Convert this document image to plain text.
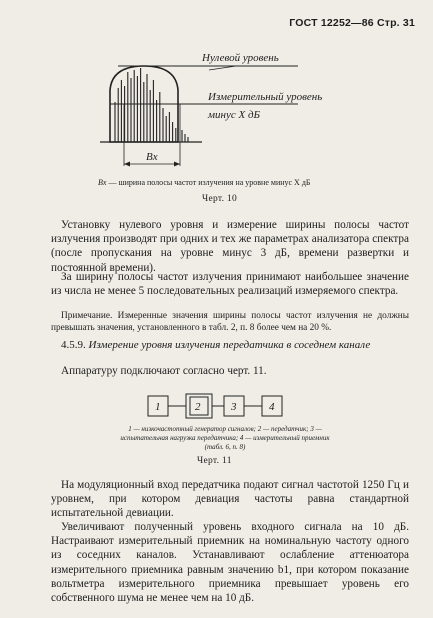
ГОСТ 12252—86 Стр. 31
Bx
Нулевой уровень
Измерительный уровень
минус X дБ
Bx — ширина полосы частот излучения на уровне минус X дБ
Черт. 10
Установку нулевого уровня и измерение ширины полосы частот излучения производят при одних и тех же параметрах анализатора спектра (после пропускания на уровне минус 3 дБ, времени развертки и постоянной времени).
За ширину полосы частот излучения принимают наибольшее значение из числа не менее 5 последовательных реализаций измеряемого спектра.
Примечание. Измеренные значения ширины полосы частот излучения не должны превышать значения, установленного в табл. 2, п. 8 более чем на 20 %.
4.5.9. Измерение уровня излучения передатчика в соседнем канале
Аппаратуру подключают согласно черт. 11.
1	2	3	4
1 — низкочастотный генератор сигналов; 2 — передатчик; 3 — испытательная нагрузка передатчика; 4 — измерительный приемник (табл. 6, п. 8)
Черт. 11
На модуляционный вход передатчика подают сигнал частотой 1250 Гц и уровнем, при котором девиация частоты равна стандартной испытательной девиации.
Увеличивают полученный уровень входного сигнала на 10 дБ. Настраивают измерительный приемник на номинальную частоту одного из соседних каналов. Устанавливают ослабление аттенюатора измерительного приемника равным значению b1, при котором показание вольтметра измерительного приемника превышает уровень его собственного шума не менее чем на 10 дБ.
